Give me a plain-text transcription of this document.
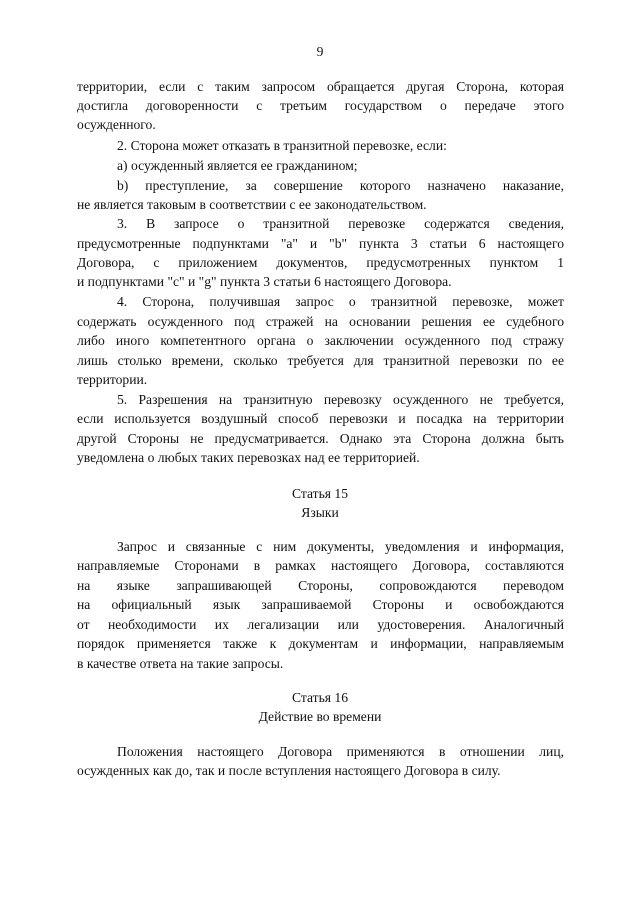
9
территории, если с таким запросом обращается другая Сторона, которая
достигла договоренности с третьим государством о передаче этого
осужденного.
2. Сторона может отказать в транзитной перевозке, если:
а) осужденный является ее гражданином;
b) преступление, за совершение которого назначено наказание,
не является таковым в соответствии с ее законодательством.
3. В запросе о транзитной перевозке содержатся сведения,
предусмотренные подпунктами "а" и "b" пункта 3 статьи 6 настоящего
Договора, с приложением документов, предусмотренных пунктом 1
и подпунктами "с" и "g" пункта 3 статьи 6 настоящего Договора.
4. Сторона, получившая запрос о транзитной перевозке, может
содержать осужденного под стражей на основании решения ее судебного
либо иного компетентного органа о заключении осужденного под стражу
лишь столько времени, сколько требуется для транзитной перевозки по ее
территории.
5. Разрешения на транзитную перевозку осужденного не требуется,
если используется воздушный способ перевозки и посадка на территории
другой Стороны не предусматривается. Однако эта Сторона должна быть
уведомлена о любых таких перевозках над ее территорией.
Статья 15
Языки
Запрос и связанные с ним документы, уведомления и информация,
направляемые Сторонами в рамках настоящего Договора, составляются
на языке запрашивающей Стороны, сопровождаются переводом
на официальный язык запрашиваемой Стороны и освобождаются
от необходимости их легализации или удостоверения. Аналогичный
порядок применяется также к документам и информации, направляемым
в качестве ответа на такие запросы.
Статья 16
Действие во времени
Положения настоящего Договора применяются в отношении лиц,
осужденных как до, так и после вступления настоящего Договора в силу.
